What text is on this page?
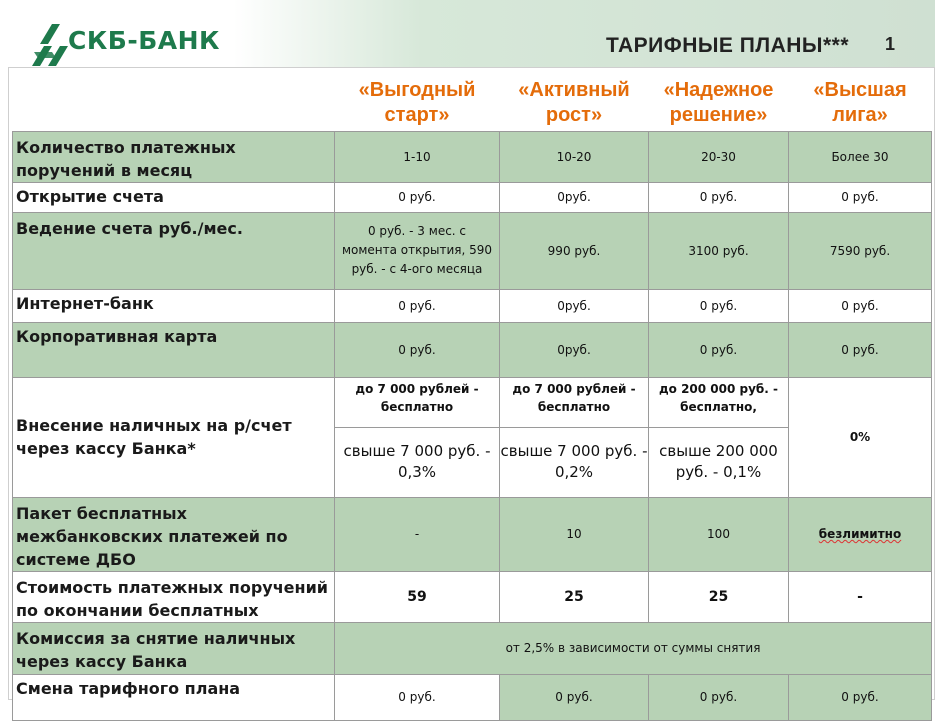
СКБ-БАНК	ТАРИФНЫЕ ПЛАНЫ*** 1

	«Выгодный
старт»	«Активный
рост»	«Надежное
решение»	«Высшая
лига»

Количество платежных поручений в месяц	1-10	10-20	20-30	Более 30
Открытие счета	0 руб.	0руб.	0 руб.	0 руб.
Ведение счета руб./мес.	0 руб. - 3 мес. с момента открытия, 590 руб. - с 4-ого месяца	990 руб.	3100 руб.	7590 руб.
Интернет-банк	0 руб.	0руб.	0 руб.	0 руб.
Корпоративная карта	0 руб.	0руб.	0 руб.	0 руб.
Внесение наличных на р/счет через кассу Банка*	до 7 000 рублей - бесплатно	до 7 000 рублей - бесплатно	до 200 000 руб. - бесплатно,	0%
	свыше 7 000 руб. - 0,3%	свыше 7 000 руб. - 0,2%	свыше 200 000 руб. - 0,1%	
Пакет бесплатных межбанковских платежей по системе ДБО	-	10	100	безлимитно
Стоимость платежных поручений по окончании бесплатных	59	25	25	-
Комиссия за снятие наличных через кассу Банка	от 2,5% в зависимости от суммы снятия			
Смена тарифного плана	0 руб.	0 руб.	0 руб.	0 руб.
